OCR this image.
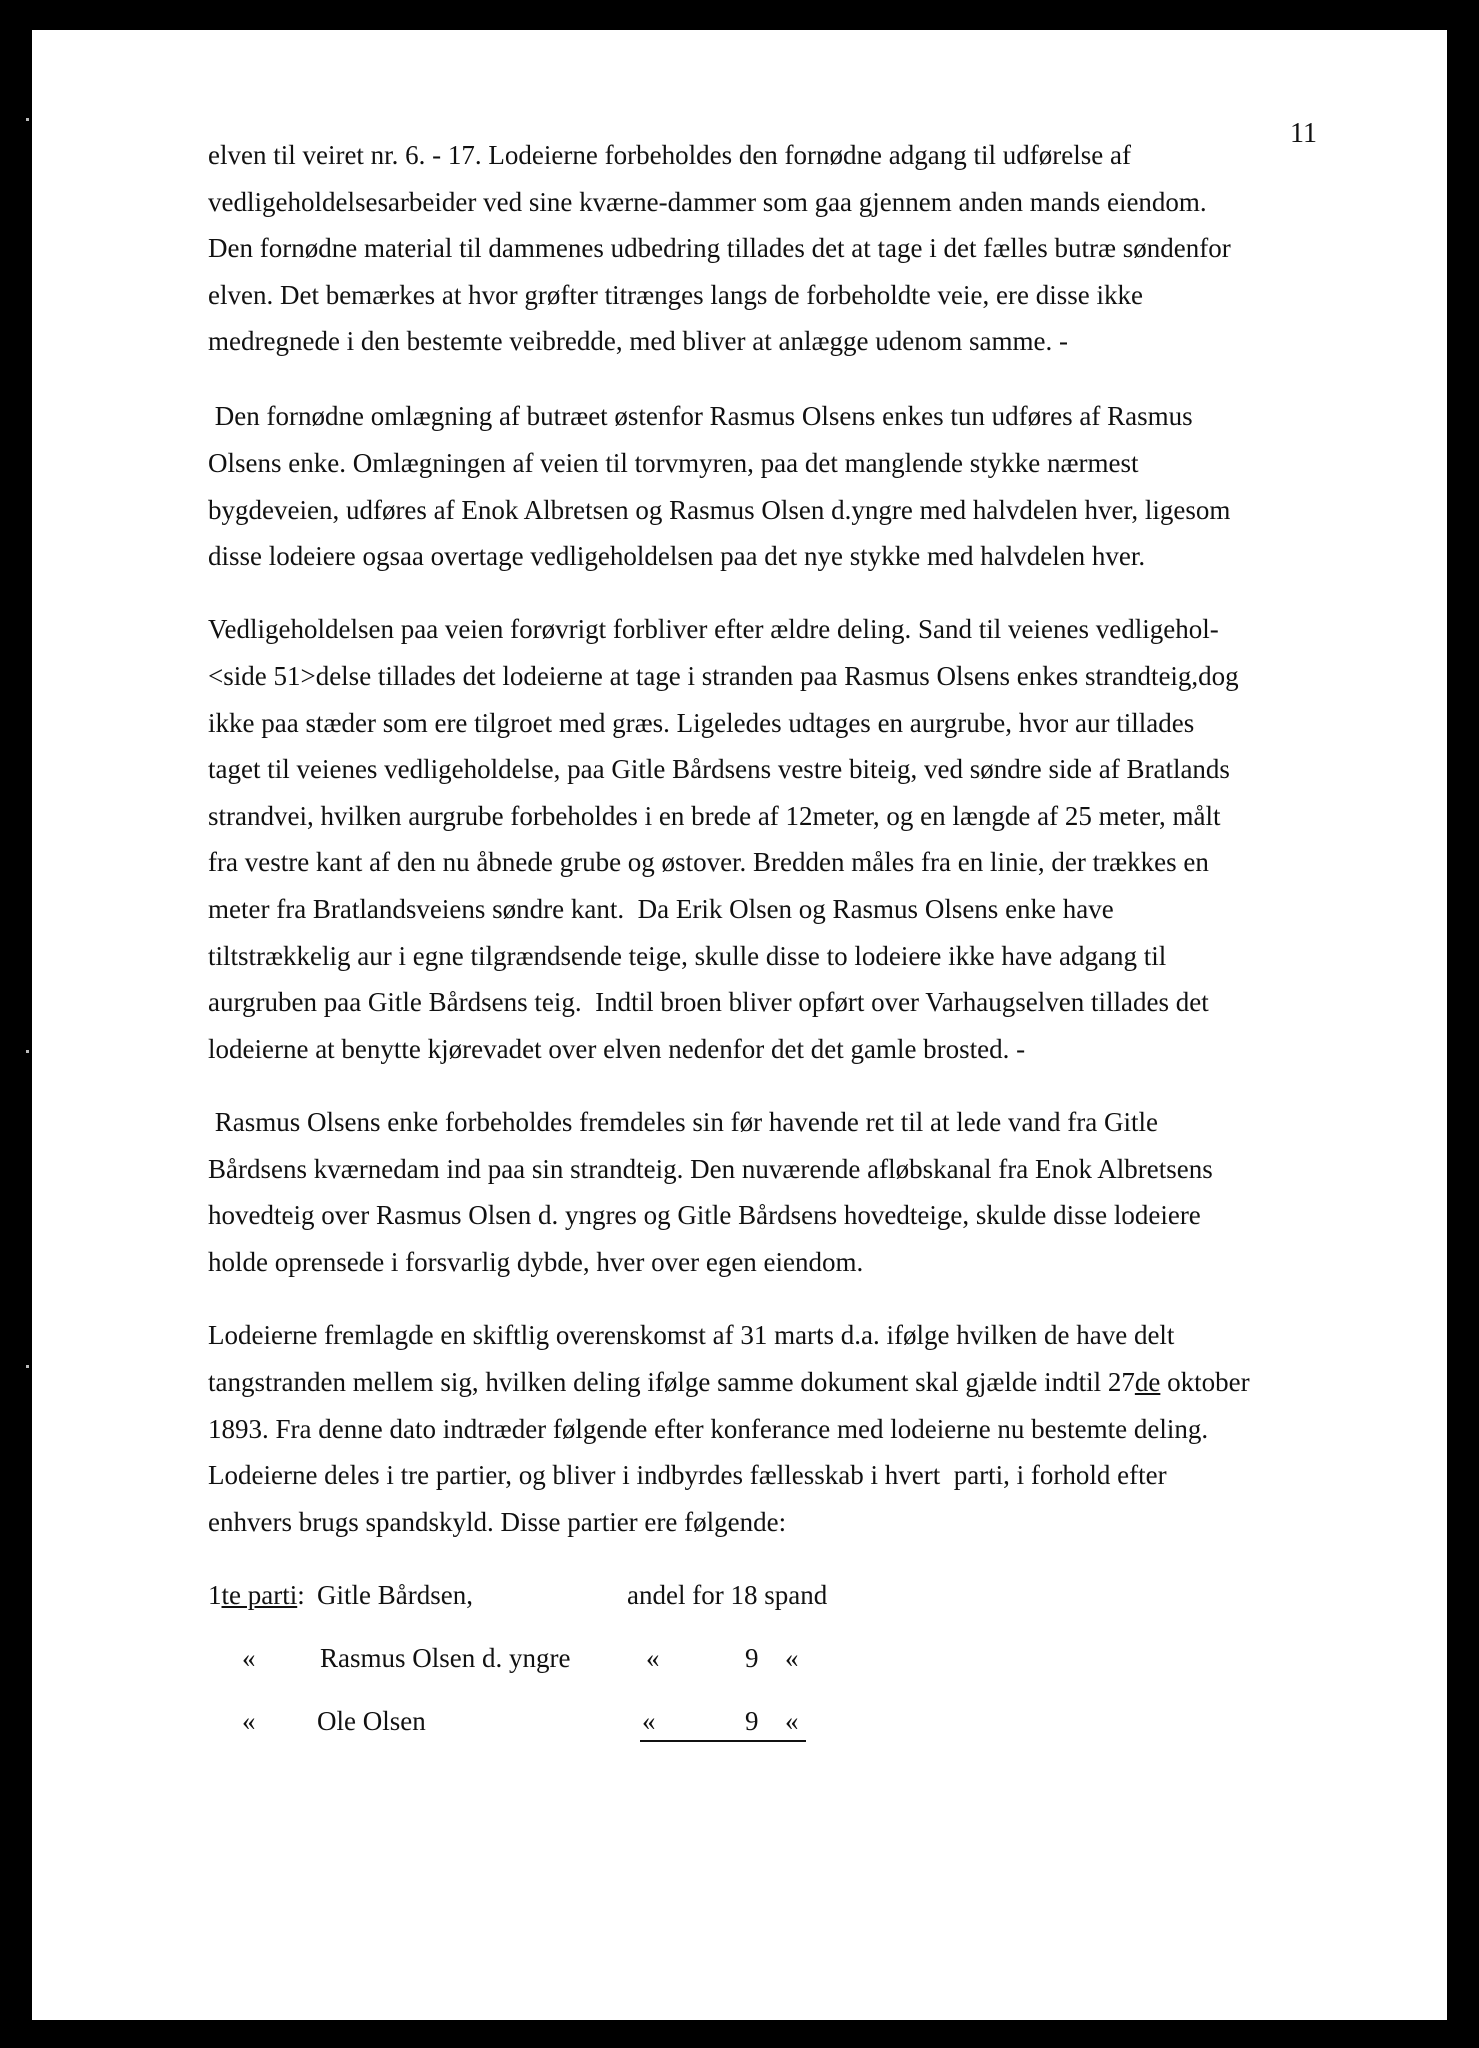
11
elven til veiret nr. 6. - 17. Lodeierne forbeholdes den fornødne adgang til udførelse af
vedligeholdelsesarbeider ved sine kværne-dammer som gaa gjennem anden mands eiendom.
Den fornødne material til dammenes udbedring tillades det at tage i det fælles butræ søndenfor
elven. Det bemærkes at hvor grøfter titrænges langs de forbeholdte veie, ere disse ikke
medregnede i den bestemte veibredde, med bliver at anlægge udenom samme. -
Den fornødne omlægning af butræet østenfor Rasmus Olsens enkes tun udføres af Rasmus
Olsens enke. Omlægningen af veien til torvmyren, paa det manglende stykke nærmest
bygdeveien, udføres af Enok Albretsen og Rasmus Olsen d.yngre med halvdelen hver, ligesom
disse lodeiere ogsaa overtage vedligeholdelsen paa det nye stykke med halvdelen hver.
Vedligeholdelsen paa veien forøvrigt forbliver efter ældre deling. Sand til veienes vedligehol-
<side 51>delse tillades det lodeierne at tage i stranden paa Rasmus Olsens enkes strandteig,dog
ikke paa stæder som ere tilgroet med græs. Ligeledes udtages en aurgrube, hvor aur tillades
taget til veienes vedligeholdelse, paa Gitle Bårdsens vestre biteig, ved søndre side af Bratlands
strandvei, hvilken aurgrube forbeholdes i en brede af 12meter, og en længde af 25 meter, målt
fra vestre kant af den nu åbnede grube og østover. Bredden måles fra en linie, der trækkes en
meter fra Bratlandsveiens søndre kant.  Da Erik Olsen og Rasmus Olsens enke have
tiltstrækkelig aur i egne tilgrændsende teige, skulle disse to lodeiere ikke have adgang til
aurgruben paa Gitle Bårdsens teig.  Indtil broen bliver opført over Varhaugselven tillades det
lodeierne at benytte kjørevadet over elven nedenfor det det gamle brosted. -
Rasmus Olsens enke forbeholdes fremdeles sin før havende ret til at lede vand fra Gitle
Bårdsens kværnedam ind paa sin strandteig. Den nuværende afløbskanal fra Enok Albretsens
hovedteig over Rasmus Olsen d. yngres og Gitle Bårdsens hovedteige, skulde disse lodeiere
holde oprensede i forsvarlig dybde, hver over egen eiendom.
Lodeierne fremlagde en skiftlig overenskomst af 31 marts d.a. ifølge hvilken de have delt
tangstranden mellem sig, hvilken deling ifølge samme dokument skal gjælde indtil 27de oktober
1893. Fra denne dato indtræder følgende efter konferance med lodeierne nu bestemte deling.
Lodeierne deles i tre partier, og bliver i indbyrdes fællesskab i hvert  parti, i forhold efter
enhvers brugs spandskyld. Disse partier ere følgende:
1te parti: Gitle Bårdsen,	andel for 18 spand
« Rasmus Olsen d. yngre	«	9 «
« Ole Olsen	«	9 «
